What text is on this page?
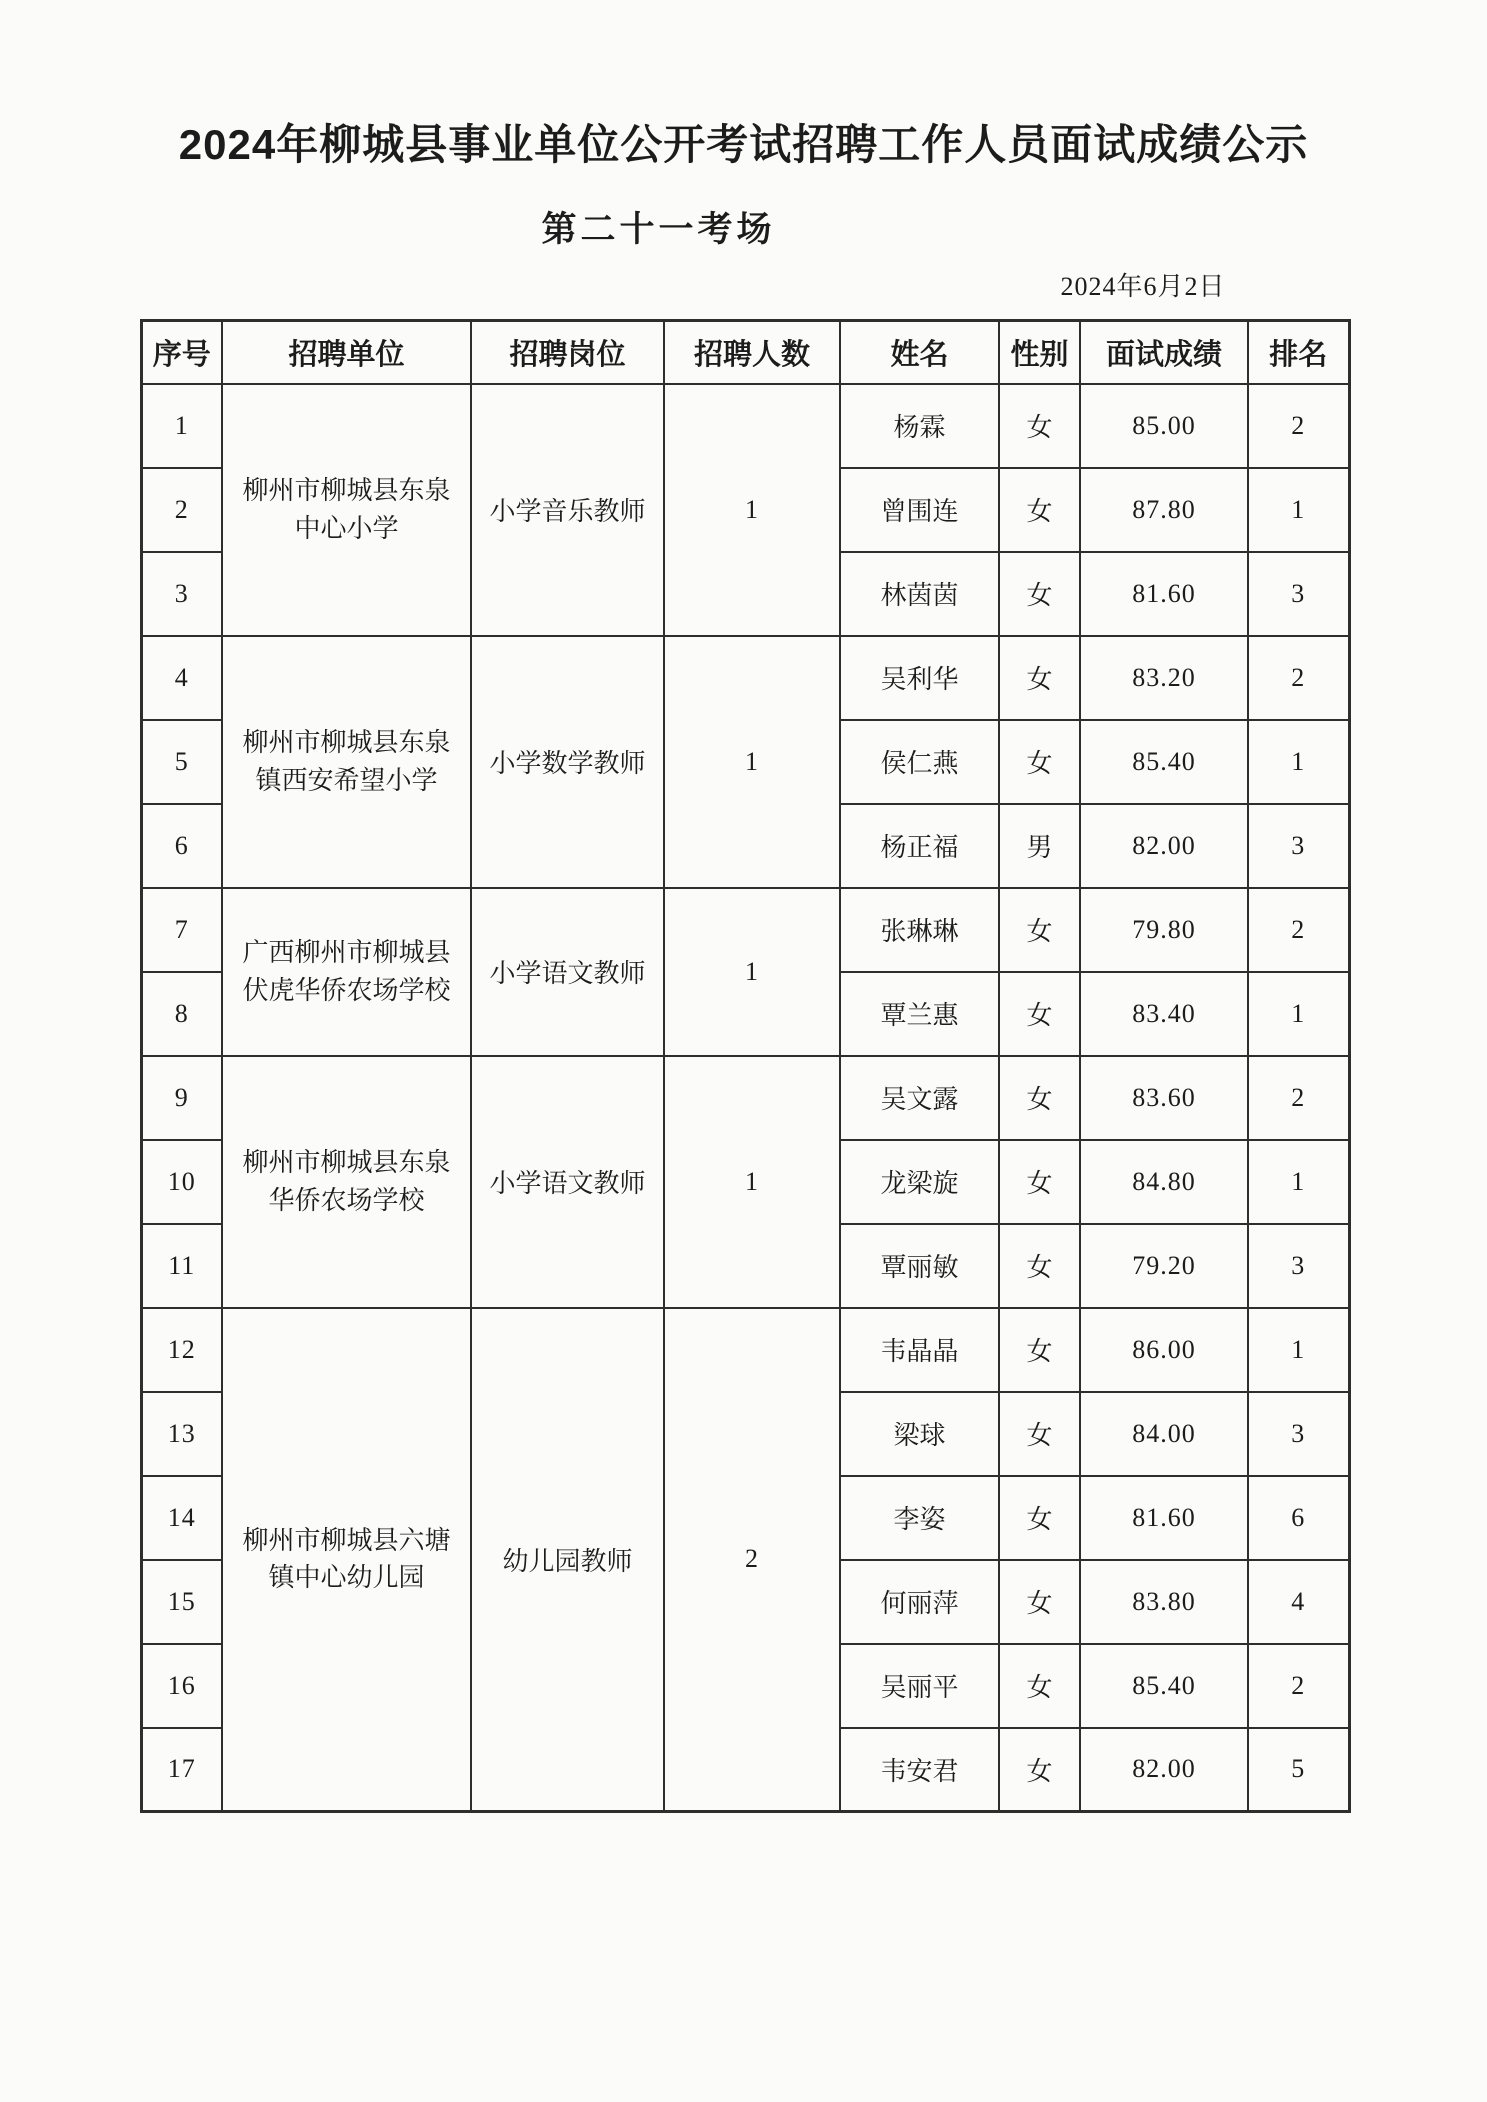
2024年柳城县事业单位公开考试招聘工作人员面试成绩公示
第二十一考场
2024年6月2日
序号	招聘单位	招聘岗位	招聘人数	姓名	性别	面试成绩	排名
1	柳州市柳城县东泉中心小学	小学音乐教师	1	杨霖	女	85.00	2
2				曾围连	女	87.80	1
3				林茵茵	女	81.60	3
4	柳州市柳城县东泉镇西安希望小学	小学数学教师	1	吴利华	女	83.20	2
5				侯仁燕	女	85.40	1
6				杨正福	男	82.00	3
7	广西柳州市柳城县伏虎华侨农场学校	小学语文教师	1	张琳琳	女	79.80	2
8				覃兰惠	女	83.40	1
9	柳州市柳城县东泉华侨农场学校	小学语文教师	1	吴文露	女	83.60	2
10				龙梁旋	女	84.80	1
11				覃丽敏	女	79.20	3
12	柳州市柳城县六塘镇中心幼儿园	幼儿园教师	2	韦晶晶	女	86.00	1
13				梁球	女	84.00	3
14				李姿	女	81.60	6
15				何丽萍	女	83.80	4
16				吴丽平	女	85.40	2
17				韦安君	女	82.00	5
